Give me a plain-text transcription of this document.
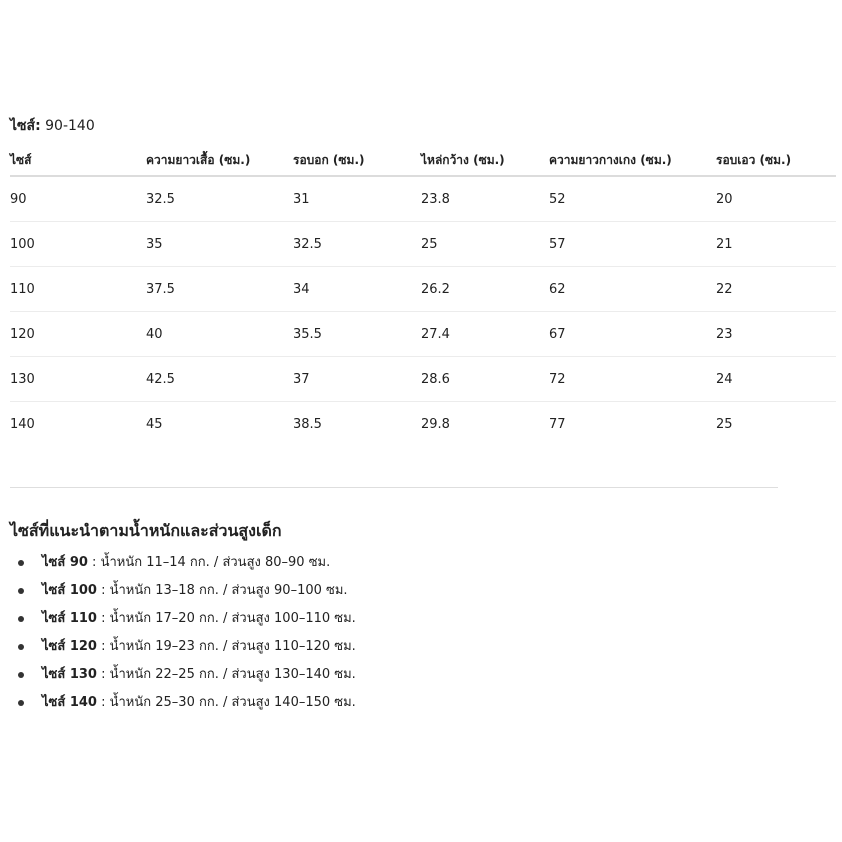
ไซส์: 90-140
ไซส์	ความยาวเสื้อ (ซม.)	รอบอก (ซม.)	ไหล่กว้าง (ซม.)	ความยาวกางเกง (ซม.)	รอบเอว (ซม.)
90	32.5	31	23.8	52	20
100	35	32.5	25	57	21
110	37.5	34	26.2	62	22
120	40	35.5	27.4	67	23
130	42.5	37	28.6	72	24
140	45	38.5	29.8	77	25
ไซส์ที่แนะนำตามน้ำหนักและส่วนสูงเด็ก
ไซส์ 90 : น้ำหนัก 11–14 กก. / ส่วนสูง 80–90 ซม.
ไซส์ 100 : น้ำหนัก 13–18 กก. / ส่วนสูง 90–100 ซม.
ไซส์ 110 : น้ำหนัก 17–20 กก. / ส่วนสูง 100–110 ซม.
ไซส์ 120 : น้ำหนัก 19–23 กก. / ส่วนสูง 110–120 ซม.
ไซส์ 130 : น้ำหนัก 22–25 กก. / ส่วนสูง 130–140 ซม.
ไซส์ 140 : น้ำหนัก 25–30 กก. / ส่วนสูง 140–150 ซม.
